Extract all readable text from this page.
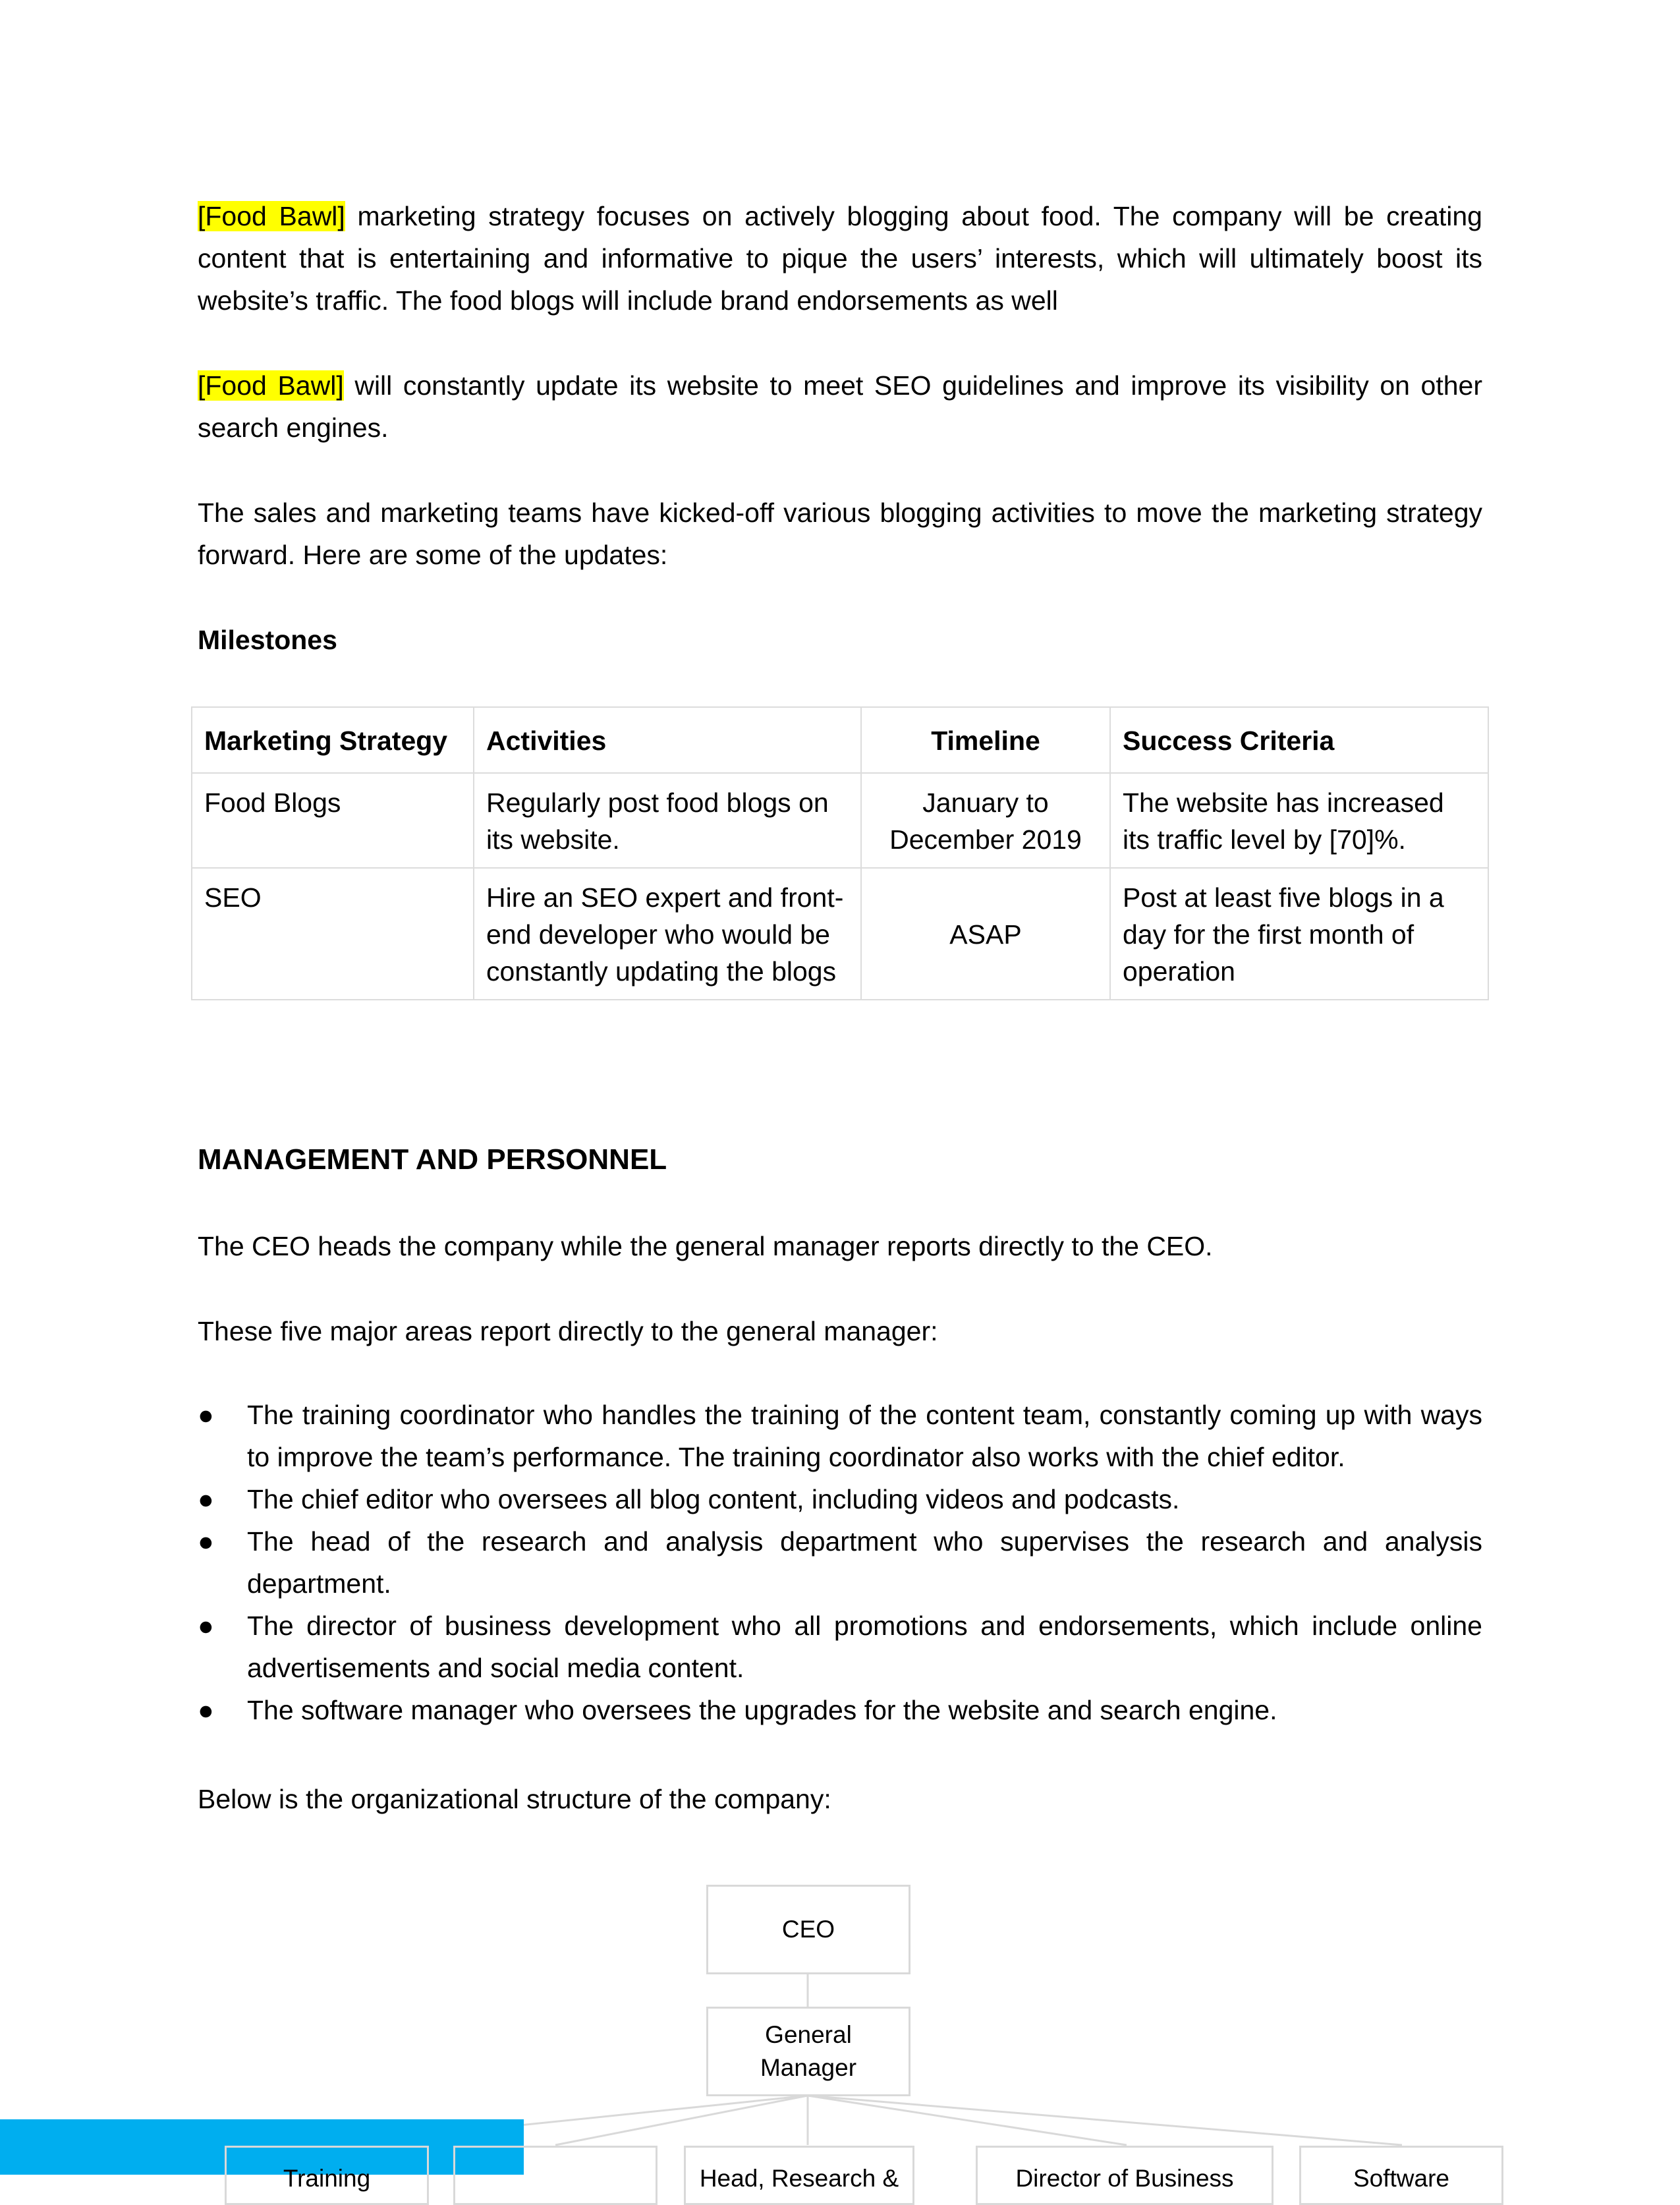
[Food Bawl] marketing strategy focuses on actively blogging about food. The company will be creating content that is entertaining and informative to pique the users’ interests, which will ultimately boost its website’s traffic. The food blogs will include brand endorsements as well

[Food Bawl] will constantly update its website to meet SEO guidelines and improve its visibility on other search engines.

The sales and marketing teams have kicked-off various blogging activities to move the marketing strategy forward. Here are some of the updates:

Milestones

Marketing Strategy	Activities	Timeline	Success Criteria
Food Blogs	Regularly post food blogs on its website.	January to December 2019	The website has increased its traffic level by [70]%.
SEO	Hire an SEO expert and front-end developer who would be constantly updating the blogs	ASAP	Post at least five blogs in a day for the first month of operation

MANAGEMENT AND PERSONNEL

The CEO heads the company while the general manager reports directly to the CEO.

These five major areas report directly to the general manager:

● The training coordinator who handles the training of the content team, constantly coming up with ways to improve the team’s performance. The training coordinator also works with the chief editor.
● The chief editor who oversees all blog content, including videos and podcasts.
● The head of the research and analysis department who supervises the research and analysis department.
● The director of business development who all promotions and endorsements, which include online advertisements and social media content.
● The software manager who oversees the upgrades for the website and search engine.

Below is the organizational structure of the company:

CEO
General Manager
Training	Head, Research &	Director of Business	Software
